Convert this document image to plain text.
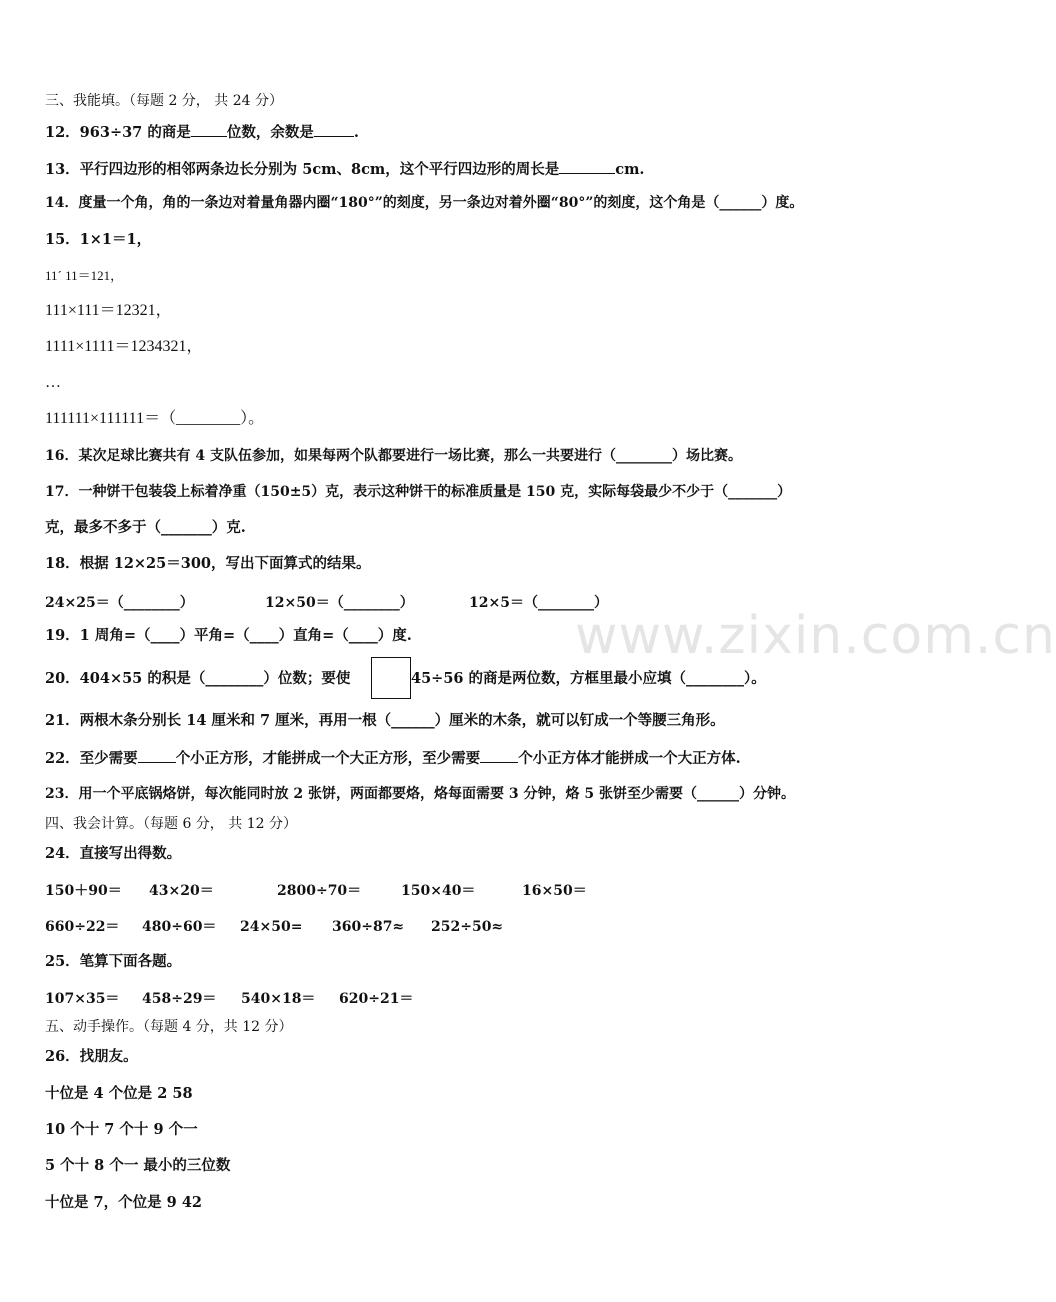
三、我能填。（每题 2 分， 共 24 分）
12．963÷37 的商是 位数，余数是	.
13．平行四边形的相邻两条边长分别为 5cm、8cm，这个平行四边形的周长是	cm.
14．度量一个角，角的一条边对着量角器内圈“180°”的刻度，另一条边对着外圈“80°”的刻度，这个角是（______）度。
15．1×1＝1，
11´ 11＝121，
111×111＝12321，
1111×1111＝1234321，
…
111111×111111＝（________）。
16．某次足球比赛共有 4 支队伍参加，如果每两个队都要进行一场比赛，那么一共要进行（________）场比赛。
17．一种饼干包装袋上标着净重（150±5）克，表示这种饼干的标准质量是 150 克，实际每袋最少不少于（_______）
克，最多不多于（_______）克.
18．根据 12×25＝300，写出下面算式的结果。
24×25＝（________）	12×50＝（________）	12×5＝（________）
19．1 周角=（____）平角=（____）直角=（____）度.
20．404×55 的积是（________）位数；要使	45÷56 的商是两位数，方框里最小应填（________）。
21．两根木条分别长 14 厘米和 7 厘米，再用一根（______）厘米的木条，就可以钉成一个等腰三角形。
22．至少需要	个小正方形，才能拼成一个大正方形，至少需要	个小正方体才能拼成一个大正方体.
23．用一个平底锅烙饼，每次能同时放 2 张饼，两面都要烙，烙每面需要 3 分钟，烙 5 张饼至少需要（______）分钟。
四、我会计算。（每题 6 分， 共 12 分）
24．直接写出得数。
150＋90＝ 43×20＝	2800÷70＝	150×40＝	16×50＝
660÷22＝ 480÷60＝ 24×50= 360÷87≈ 252÷50≈
25．笔算下面各题。
107×35＝ 458÷29＝ 540×18＝ 620÷21＝
五、动手操作。（每题 4 分，共 12 分）
26．找朋友。
十位是 4 个位是 2 58
10 个十 7 个十 9 个一
5 个十 8 个一 最小的三位数
十位是 7，个位是 9 42
www.zixin.com.cn
